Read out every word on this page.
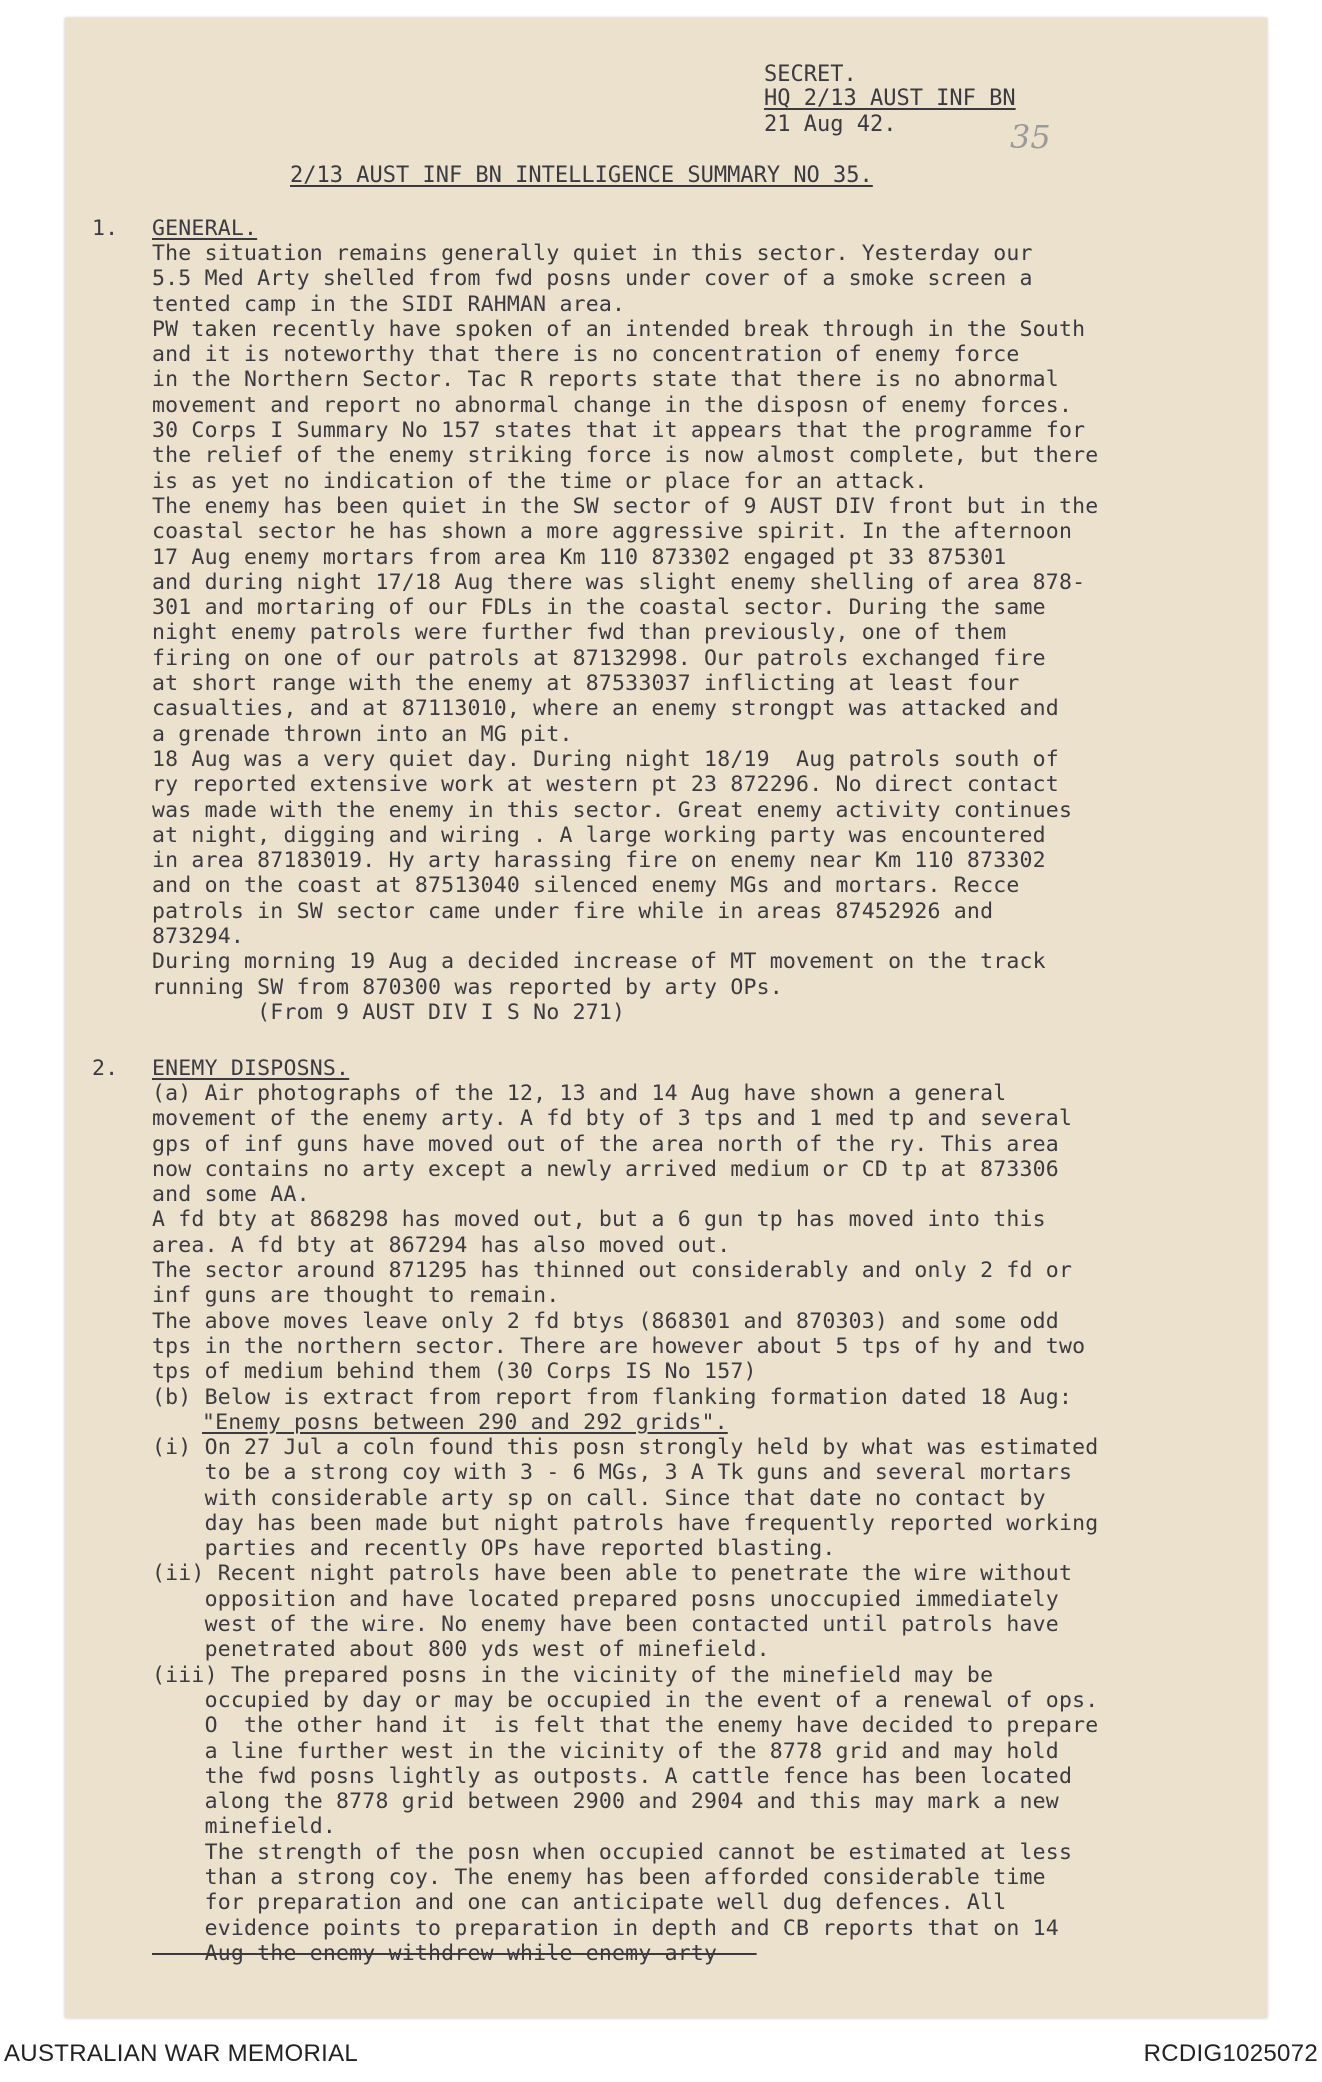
SECRET.
HQ 2/13 AUST INF BN
21 Aug 42.	35
2/13 AUST INF BN INTELLIGENCE SUMMARY NO 35.
1. GENERAL.
The situation remains generally quiet in this sector. Yesterday our
5.5 Med Arty shelled from fwd posns under cover of a smoke screen a
tented camp in the SIDI RAHMAN area.
PW taken recently have spoken of an intended break through in the South
and it is noteworthy that there is no concentration of enemy force
in the Northern Sector. Tac R reports state that there is no abnormal
movement and report no abnormal change in the disposn of enemy forces.
30 Corps I Summary No 157 states that it appears that the programme for
the relief of the enemy striking force is now almost complete, but there
is as yet no indication of the time or place for an attack.
The enemy has been quiet in the SW sector of 9 AUST DIV front but in the
coastal sector he has shown a more aggressive spirit. In the afternoon
17 Aug enemy mortars from area Km 110 873302 engaged pt 33 875301
and during night 17/18 Aug there was slight enemy shelling of area 878-
301 and mortaring of our FDLs in the coastal sector. During the same
night enemy patrols were further fwd than previously, one of them
firing on one of our patrols at 87132998. Our patrols exchanged fire
at short range with the enemy at 87533037 inflicting at least four
casualties, and at 87113010, where an enemy strongpt was attacked and
a grenade thrown into an MG pit.
18 Aug was a very quiet day. During night 18/19  Aug patrols south of
ry reported extensive work at western pt 23 872296. No direct contact
was made with the enemy in this sector. Great enemy activity continues
at night, digging and wiring . A large working party was encountered
in area 87183019. Hy arty harassing fire on enemy near Km 110 873302
and on the coast at 87513040 silenced enemy MGs and mortars. Recce
patrols in SW sector came under fire while in areas 87452926 and
873294.
During morning 19 Aug a decided increase of MT movement on the track
running SW from 870300 was reported by arty OPs.
(From 9 AUST DIV I S No 271)
2. ENEMY DISPOSNS.
(a) Air photographs of the 12, 13 and 14 Aug have shown a general
movement of the enemy arty. A fd bty of 3 tps and 1 med tp and several
gps of inf guns have moved out of the area north of the ry. This area
now contains no arty except a newly arrived medium or CD tp at 873306
and some AA.
A fd bty at 868298 has moved out, but a 6 gun tp has moved into this
area. A fd bty at 867294 has also moved out.
The sector around 871295 has thinned out considerably and only 2 fd or
inf guns are thought to remain.
The above moves leave only 2 fd btys (868301 and 870303) and some odd
tps in the northern sector. There are however about 5 tps of hy and two
tps of medium behind them (30 Corps IS No 157)
(b) Below is extract from report from flanking formation dated 18 Aug:
"Enemy posns between 290 and 292 grids".
(i) On 27 Jul a coln found this posn strongly held by what was estimated
to be a strong coy with 3 - 6 MGs, 3 A Tk guns and several mortars
with considerable arty sp on call. Since that date no contact by
day has been made but night patrols have frequently reported working
parties and recently OPs have reported blasting.
(ii) Recent night patrols have been able to penetrate the wire without
opposition and have located prepared posns unoccupied immediately
west of the wire. No enemy have been contacted until patrols have
penetrated about 800 yds west of minefield.
(iii) The prepared posns in the vicinity of the minefield may be
occupied by day or may be occupied in the event of a renewal of ops.
O  the other hand it  is felt that the enemy have decided to prepare
a line further west in the vicinity of the 8778 grid and may hold
the fwd posns lightly as outposts. A cattle fence has been located
along the 8778 grid between 2900 and 2904 and this may mark a new
minefield.
The strength of the posn when occupied cannot be estimated at less
than a strong coy. The enemy has been afforded considerable time
for preparation and one can anticipate well dug defences. All
evidence points to preparation in depth and CB reports that on 14
Aug the enemy withdrew while enemy arty --
AUSTRALIAN WAR MEMORIAL	RCDIG1025072
